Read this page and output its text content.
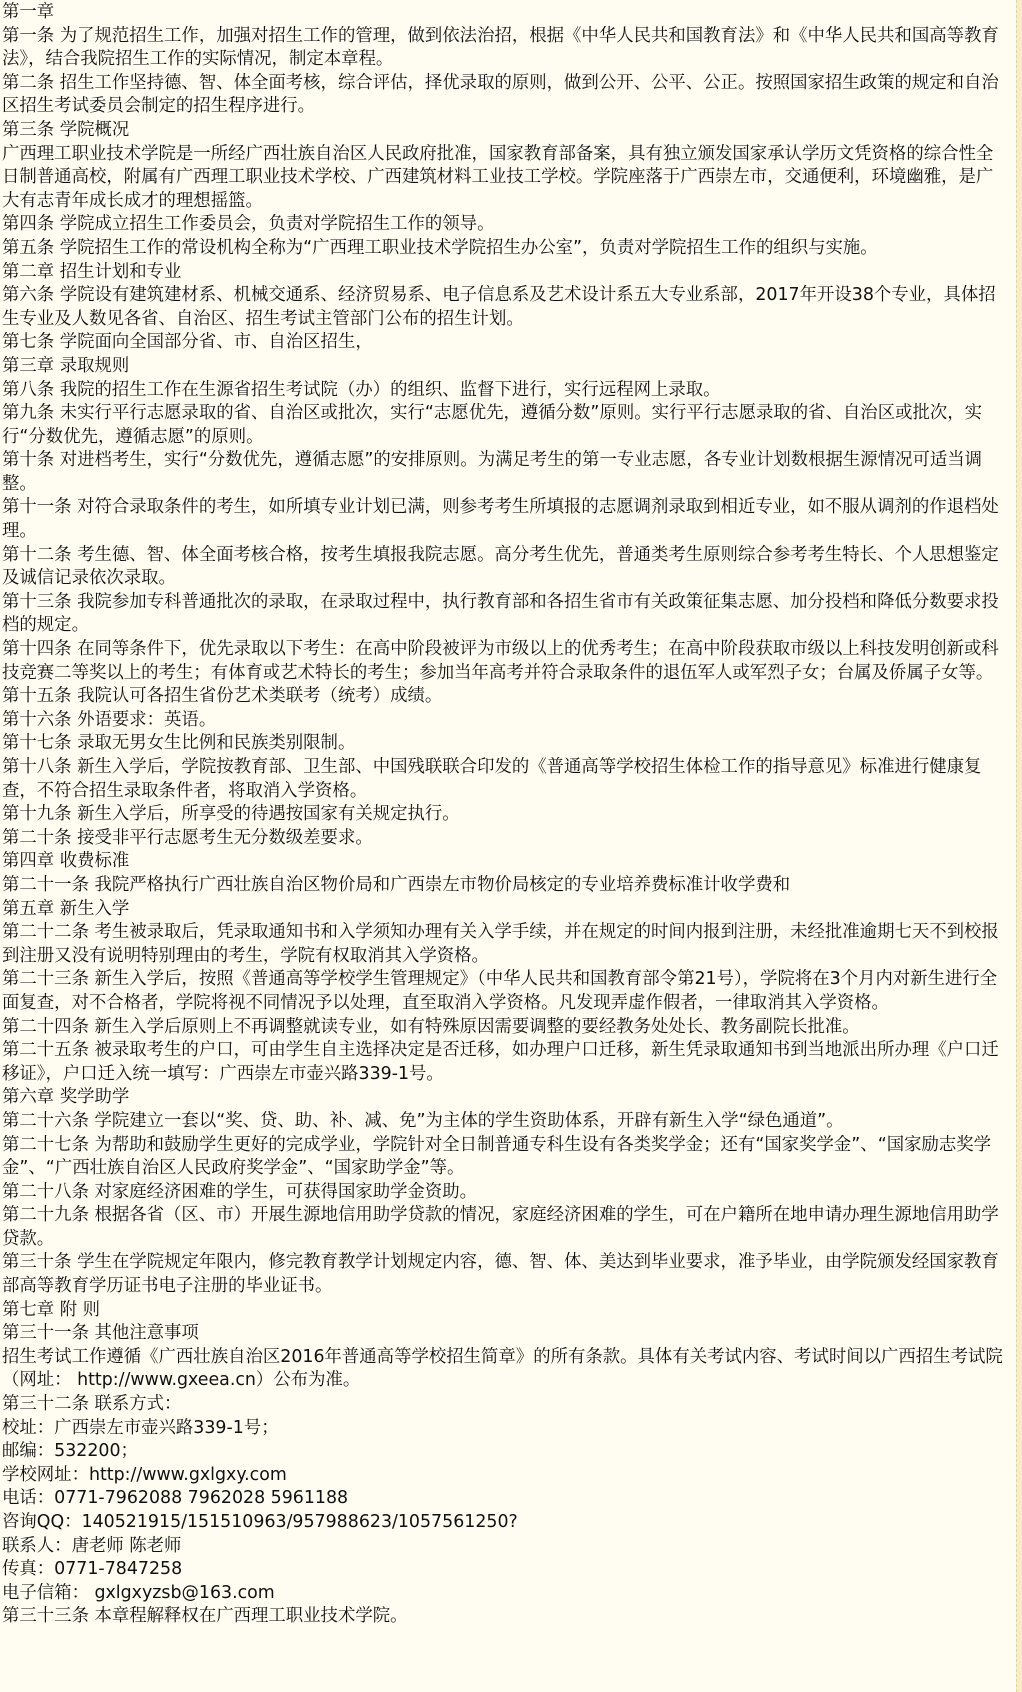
第一章

第一条 为了规范招生工作，加强对招生工作的管理，做到依法治招，根据《中华人民共和国教育法》和《中华人民共和国高等教育法》，结合我院招生工作的实际情况，制定本章程。

第二条 招生工作坚持德、智、体全面考核，综合评估，择优录取的原则，做到公开、公平、公正。按照国家招生政策的规定和自治区招生考试委员会制定的招生程序进行。

第三条 学院概况

广西理工职业技术学院是一所经广西壮族自治区人民政府批准，国家教育部备案，具有独立颁发国家承认学历文凭资格的综合性全日制普通高校，附属有广西理工职业技术学校、广西建筑材料工业技工学校。学院座落于广西崇左市，交通便利，环境幽雅，是广大有志青年成长成才的理想摇篮。

第四条 学院成立招生工作委员会，负责对学院招生工作的领导。

第五条 学院招生工作的常设机构全称为“广西理工职业技术学院招生办公室”，负责对学院招生工作的组织与实施。

第二章 招生计划和专业

第六条 学院设有建筑建材系、机械交通系、经济贸易系、电子信息系及艺术设计系五大专业系部，2017年开设38个专业，具体招生专业及人数见各省、自治区、招生考试主管部门公布的招生计划。

第七条 学院面向全国部分省、市、自治区招生，

第三章 录取规则

第八条 我院的招生工作在生源省招生考试院（办）的组织、监督下进行，实行远程网上录取。

第九条 未实行平行志愿录取的省、自治区或批次，实行“志愿优先，遵循分数”原则。实行平行志愿录取的省、自治区或批次，实行“分数优先，遵循志愿”的原则。

第十条 对进档考生，实行“分数优先，遵循志愿”的安排原则。为满足考生的第一专业志愿，各专业计划数根据生源情况可适当调整。

第十一条 对符合录取条件的考生，如所填专业计划已满，则参考考生所填报的志愿调剂录取到相近专业，如不服从调剂的作退档处理。

第十二条 考生德、智、体全面考核合格，按考生填报我院志愿。高分考生优先，普通类考生原则综合参考考生特长、个人思想鉴定及诚信记录依次录取。

第十三条 我院参加专科普通批次的录取，在录取过程中，执行教育部和各招生省市有关政策征集志愿、加分投档和降低分数要求投档的规定。

第十四条 在同等条件下，优先录取以下考生：在高中阶段被评为市级以上的优秀考生；在高中阶段获取市级以上科技发明创新或科技竞赛二等奖以上的考生；有体育或艺术特长的考生；参加当年高考并符合录取条件的退伍军人或军烈子女；台属及侨属子女等。

第十五条 我院认可各招生省份艺术类联考（统考）成绩。

第十六条 外语要求：英语。

第十七条 录取无男女生比例和民族类别限制。

第十八条 新生入学后，学院按教育部、卫生部、中国残联联合印发的《普通高等学校招生体检工作的指导意见》标准进行健康复查，不符合招生录取条件者，将取消入学资格。

第十九条 新生入学后，所享受的待遇按国家有关规定执行。

第二十条 接受非平行志愿考生无分数级差要求。

第四章 收费标准

第二十一条 我院严格执行广西壮族自治区物价局和广西崇左市物价局核定的专业培养费标准计收学费和

第五章 新生入学

第二十二条 考生被录取后，凭录取通知书和入学须知办理有关入学手续，并在规定的时间内报到注册，未经批准逾期七天不到校报到注册又没有说明特别理由的考生，学院有权取消其入学资格。

第二十三条 新生入学后，按照《普通高等学校学生管理规定》（中华人民共和国教育部令第21号），学院将在3个月内对新生进行全面复查，对不合格者，学院将视不同情况予以处理，直至取消入学资格。凡发现弄虚作假者，一律取消其入学资格。

第二十四条 新生入学后原则上不再调整就读专业，如有特殊原因需要调整的要经教务处处长、教务副院长批准。

第二十五条 被录取考生的户口，可由学生自主选择决定是否迁移，如办理户口迁移，新生凭录取通知书到当地派出所办理《户口迁移证》，户口迁入统一填写：广西崇左市壶兴路339-1号。

第六章 奖学助学

第二十六条 学院建立一套以“奖、贷、助、补、减、免”为主体的学生资助体系，开辟有新生入学“绿色通道”。

第二十七条 为帮助和鼓励学生更好的完成学业，学院针对全日制普通专科生设有各类奖学金；还有“国家奖学金”、“国家励志奖学金”、“广西壮族自治区人民政府奖学金”、“国家助学金”等。

第二十八条 对家庭经济困难的学生，可获得国家助学金资助。

第二十九条 根据各省（区、市）开展生源地信用助学贷款的情况，家庭经济困难的学生，可在户籍所在地申请办理生源地信用助学贷款。

第三十条 学生在学院规定年限内，修完教育教学计划规定内容，德、智、体、美达到毕业要求，准予毕业，由学院颁发经国家教育部高等教育学历证书电子注册的毕业证书。

第七章 附 则

第三十一条 其他注意事项

招生考试工作遵循《广西壮族自治区2016年普通高等学校招生简章》的所有条款。具体有关考试内容、考试时间以广西招生考试院（网址： http://www.gxeea.cn）公布为准。

第三十二条 联系方式：

校址：广西崇左市壶兴路339-1号；

邮编：532200；

学校网址：http://www.gxlgxy.com

电话：0771-7962088 7962028 5961188

咨询QQ：140521915/151510963/957988623/1057561250?

联系人：唐老师 陈老师

传真：0771-7847258

电子信箱： gxlgxyzsb@163.com

第三十三条 本章程解释权在广西理工职业技术学院。
